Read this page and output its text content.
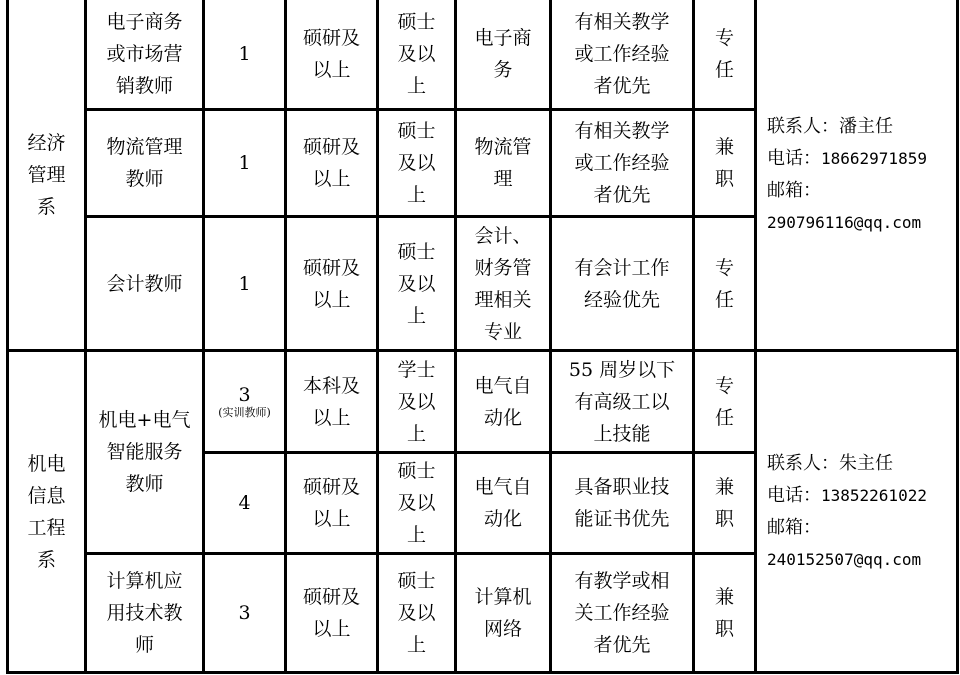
经济
管理
系	电子商务
或市场营
销教师	1	硕研及
以上	硕士
及以
上	电子商
务	有相关教学
或工作经验
者优先	专
任	联系人：潘主任
电话：18662971859
邮箱：
290796116@qq.com

	物流管理
教师	1	硕研及
以上	硕士
及以
上	物流管
理	有相关教学
或工作经验
者优先	兼
职	

	会计教师	1	硕研及
以上	硕士
及以
上	会计、
财务管
理相关
专业	有会计工作
经验优先	专
任	

机电
信息
工程
系	机电+电气
智能服务
教师	3
(实训教师)	本科及
以上	学士
及以
上	电气自
动化	55 周岁以下
有高级工以
上技能	专
任	联系人：朱主任
电话：13852261022
邮箱：
240152507@qq.com

		4	硕研及
以上	硕士
及以
上	电气自
动化	具备职业技
能证书优先	兼
职	

	计算机应
用技术教
师	3	硕研及
以上	硕士
及以
上	计算机
网络	有教学或相
关工作经验
者优先	兼
职	
